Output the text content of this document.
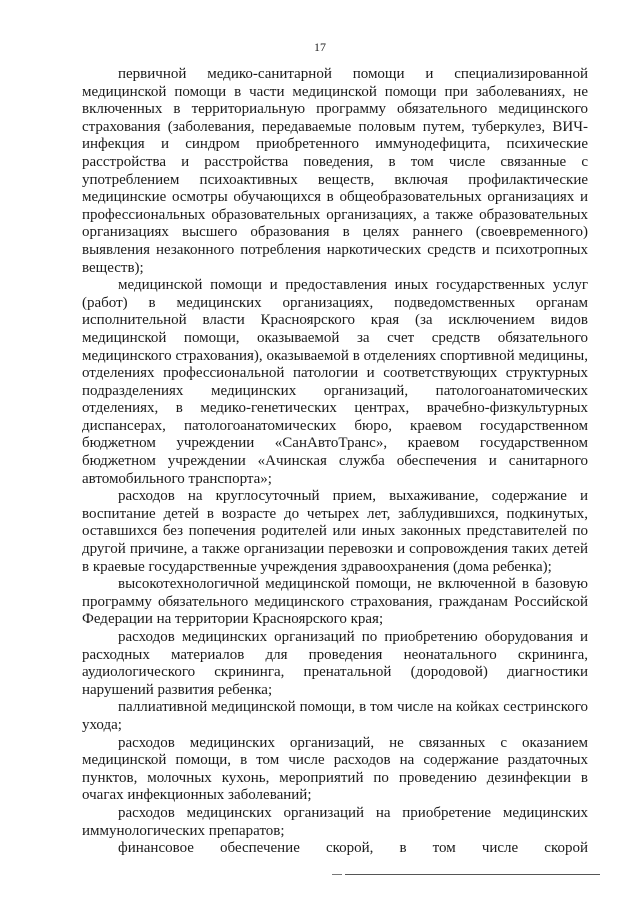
17

первичной медико-санитарной помощи и специализированной медицинской помощи в части медицинской помощи при заболеваниях, не включенных в территориальную программу обязательного медицинского страхования (заболевания, передаваемые половым путем, туберкулез, ВИЧ-инфекция и синдром приобретенного иммунодефицита, психические расстройства и расстройства поведения, в том числе связанные с употреблением психоактивных веществ, включая профилактические медицинские осмотры обучающихся в общеобразовательных организациях и профессиональных образовательных организациях, а также образовательных организациях высшего образования в целях раннего (своевременного) выявления незаконного потребления наркотических средств и психотропных веществ);

медицинской помощи и предоставления иных государственных услуг (работ) в медицинских организациях, подведомственных органам исполнительной власти Красноярского края (за исключением видов медицинской помощи, оказываемой за счет средств обязательного медицинского страхования), оказываемой в отделениях спортивной медицины, отделениях профессиональной патологии и соответствующих структурных подразделениях медицинских организаций, патологоанатомических отделениях, в медико-генетических центрах, врачебно-физкультурных диспансерах, патологоанатомических бюро, краевом государственном бюджетном учреждении «СанАвтоТранс», краевом государственном бюджетном учреждении «Ачинская служба обеспечения и санитарного автомобильного транспорта»;

расходов на круглосуточный прием, выхаживание, содержание и воспитание детей в возрасте до четырех лет, заблудившихся, подкинутых, оставшихся без попечения родителей или иных законных представителей по другой причине, а также организации перевозки и сопровождения таких детей в краевые государственные учреждения здравоохранения (дома ребенка);

высокотехнологичной медицинской помощи, не включенной в базовую программу обязательного медицинского страхования, гражданам Российской Федерации на территории Красноярского края;

расходов медицинских организаций по приобретению оборудования и расходных материалов для проведения неонатального скрининга, аудиологического скрининга, пренатальной (дородовой) диагностики нарушений развития ребенка;

паллиативной медицинской помощи, в том числе на койках сестринского ухода;

расходов медицинских организаций, не связанных с оказанием медицинской помощи, в том числе расходов на содержание раздаточных пунктов, молочных кухонь, мероприятий по проведению дезинфекции в очагах инфекционных заболеваний;

расходов медицинских организаций на приобретение медицинских иммунологических препаратов;

финансовое обеспечение скорой, в том числе скорой
